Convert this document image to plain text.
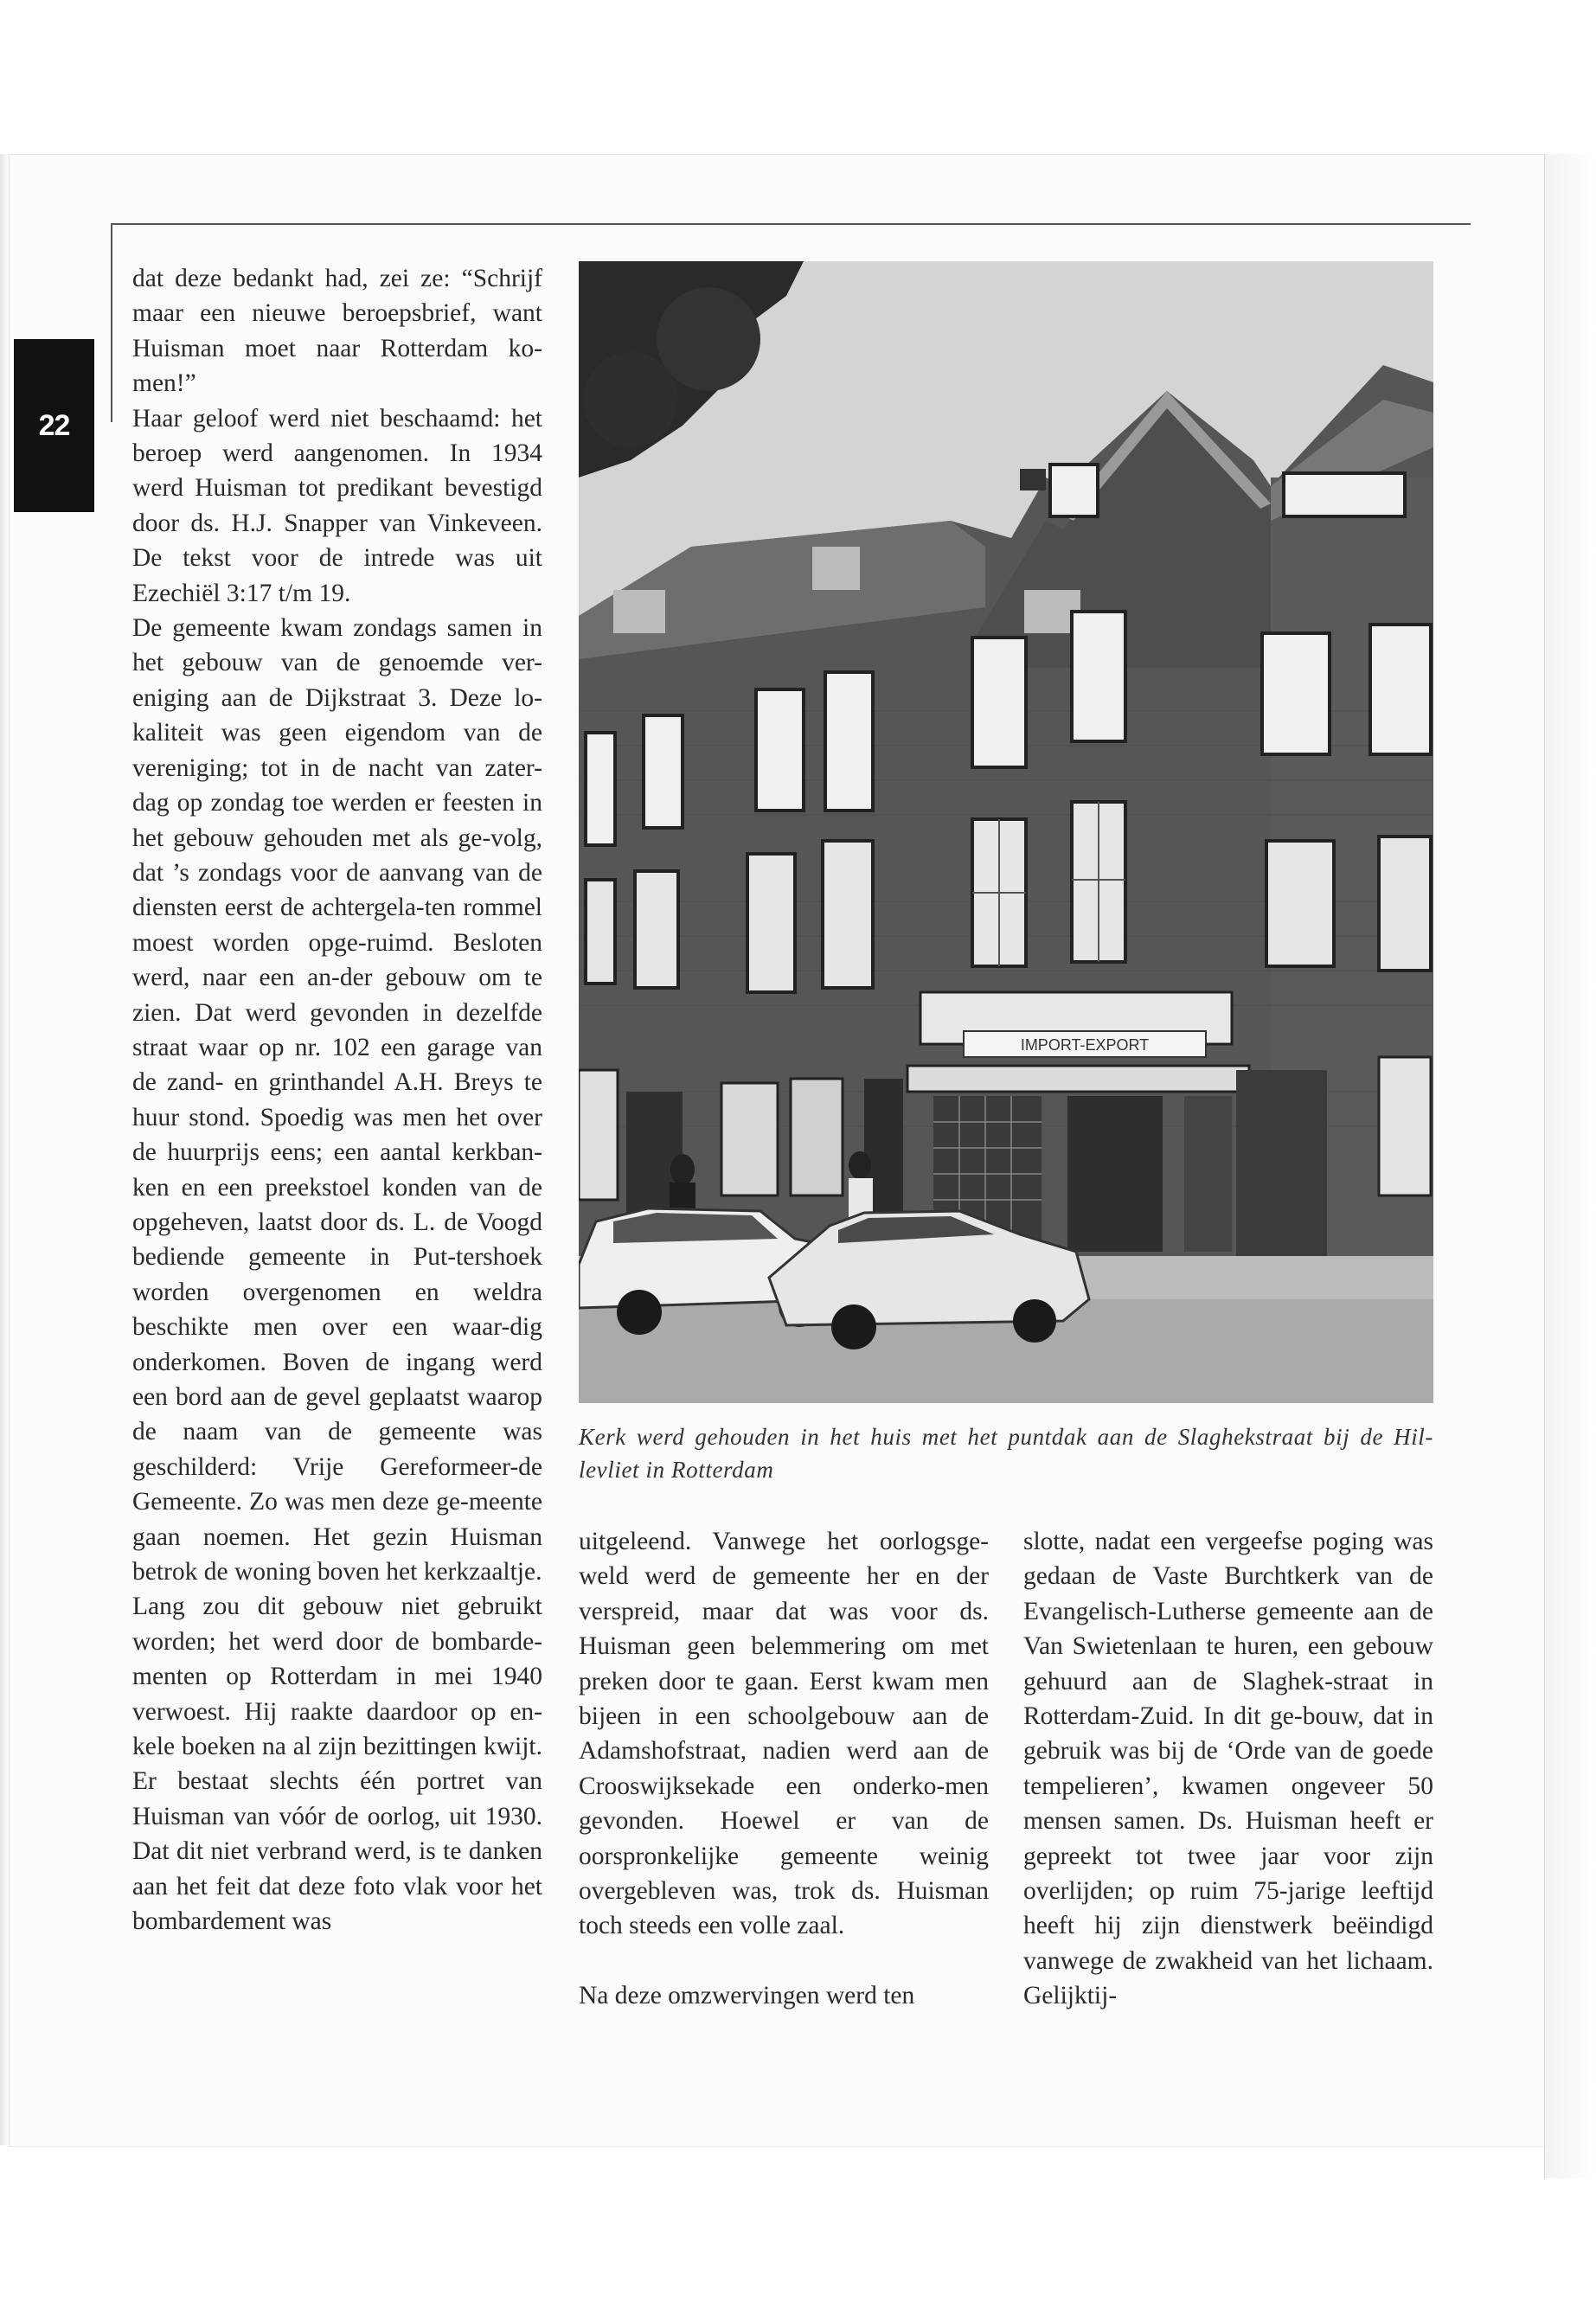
22

dat deze bedankt had, zei ze: “Schrijf maar een nieuwe beroepsbrief, want Huisman moet naar Rotterdam ko-men!”

Haar geloof werd niet beschaamd: het beroep werd aangenomen. In 1934 werd Huisman tot predikant bevestigd door ds. H.J. Snapper van Vinkeveen. De tekst voor de intrede was uit Ezechiël 3:17 t/m 19.

De gemeente kwam zondags samen in het gebouw van de genoemde ver-eniging aan de Dijkstraat 3. Deze lo-kaliteit was geen eigendom van de vereniging; tot in de nacht van zater-dag op zondag toe werden er feesten in het gebouw gehouden met als ge-volg, dat ’s zondags voor de aanvang van de diensten eerst de achtergela-ten rommel moest worden opge-ruimd. Besloten werd, naar een an-der gebouw om te zien. Dat werd gevonden in dezelfde straat waar op nr. 102 een garage van de zand- en grinthandel A.H. Breys te huur stond. Spoedig was men het over de huurprijs eens; een aantal kerkban-ken en een preekstoel konden van de opgeheven, laatst door ds. L. de Voogd bediende gemeente in Put-tershoek worden overgenomen en weldra beschikte men over een waar-dig onderkomen. Boven de ingang werd een bord aan de gevel geplaatst waarop de naam van de gemeente was geschilderd: Vrije Gereformeer-de Gemeente. Zo was men deze ge-meente gaan noemen. Het gezin Huisman betrok de woning boven het kerkzaaltje.

Lang zou dit gebouw niet gebruikt worden; het werd door de bombarde-menten op Rotterdam in mei 1940 verwoest. Hij raakte daardoor op en-kele boeken na al zijn bezittingen kwijt. Er bestaat slechts één portret van Huisman van vóór de oorlog, uit 1930. Dat dit niet verbrand werd, is te danken aan het feit dat deze foto vlak voor het bombardement was

IMPORT-EXPORT
Kerk werd gehouden in het huis met het puntdak aan de Slaghekstraat bij de Hil-levliet in Rotterdam

uitgeleend. Vanwege het oorlogsge-weld werd de gemeente her en der verspreid, maar dat was voor ds. Huisman geen belemmering om met preken door te gaan. Eerst kwam men bijeen in een schoolgebouw aan de Adamshofstraat, nadien werd aan de Crooswijksekade een onderko-men gevonden. Hoewel er van de oorspronkelijke gemeente weinig overgebleven was, trok ds. Huisman toch steeds een volle zaal.

Na deze omzwervingen werd ten

slotte, nadat een vergeefse poging was gedaan de Vaste Burchtkerk van de Evangelisch-Lutherse gemeente aan de Van Swietenlaan te huren, een gebouw gehuurd aan de Slaghek-straat in Rotterdam-Zuid. In dit ge-bouw, dat in gebruik was bij de ‘Orde van de goede tempelieren’, kwamen ongeveer 50 mensen samen. Ds. Huisman heeft er gepreekt tot twee jaar voor zijn overlijden; op ruim 75-jarige leeftijd heeft hij zijn dienstwerk beëindigd vanwege de zwakheid van het lichaam. Gelijktij-
